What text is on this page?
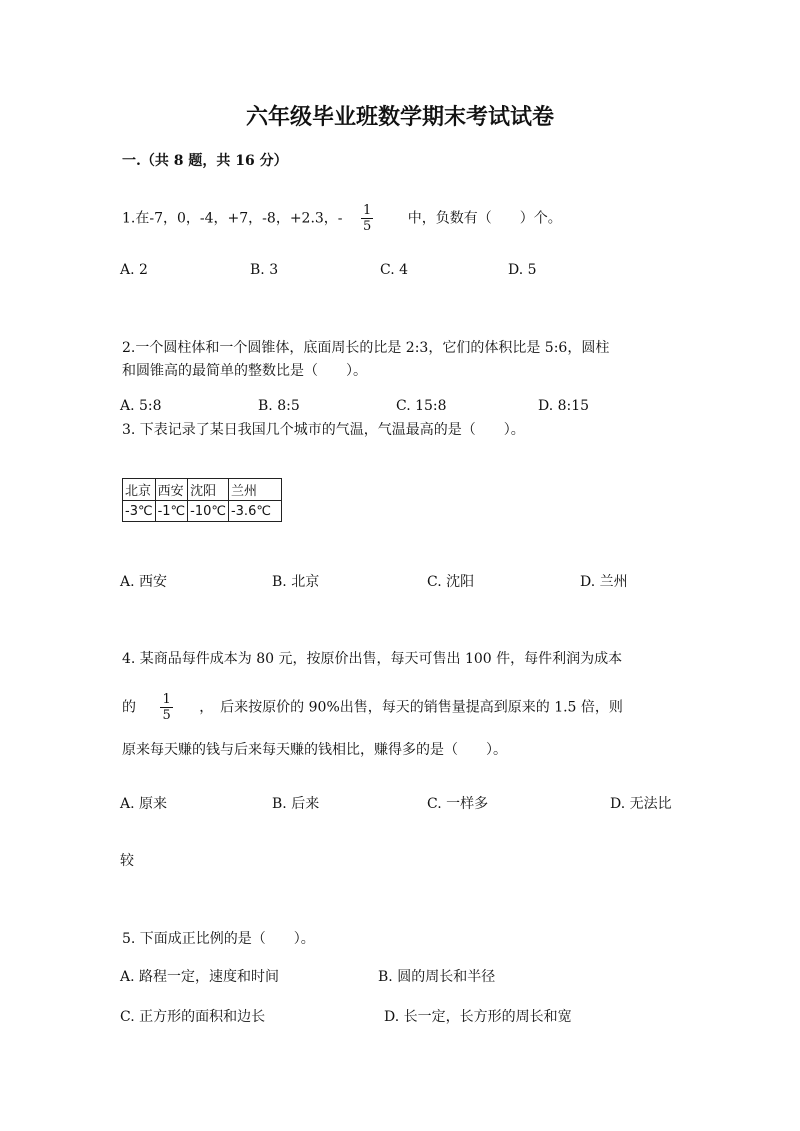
六年级毕业班数学期末考试试卷
一.（共 8 题，共 16 分）
1.在-7，0，-4，+7，-8，+2.3，- $\frac{1}{5}$ 中，负数有（　　）个。
A. 2	B. 3	C. 4	D. 5
2.一个圆柱体和一个圆锥体，底面周长的比是 2:3，它们的体积比是 5:6，圆柱
和圆锥高的最简单的整数比是（　　）。
A. 5:8	B. 8:5	C. 15:8	D. 8:15
3. 下表记录了某日我国几个城市的气温，气温最高的是（　　）。
北京	西安	沈阳	兰州
-3℃	-1℃	-10℃	-3.6℃
A. 西安	B. 北京	C. 沈阳	D. 兰州
4. 某商品每件成本为 80 元，按原价出售，每天可售出 100 件，每件利润为成本
的 $\frac{1}{5}$ ，　后来按原价的 90%出售，每天的销售量提高到原来的 1.5 倍，则
原来每天赚的钱与后来每天赚的钱相比，赚得多的是（　　）。
A. 原来	B. 后来	C. 一样多	D. 无法比
较
5. 下面成正比例的是（　　）。
A. 路程一定，速度和时间	B. 圆的周长和半径
C. 正方形的面积和边长	D. 长一定，长方形的周长和宽
